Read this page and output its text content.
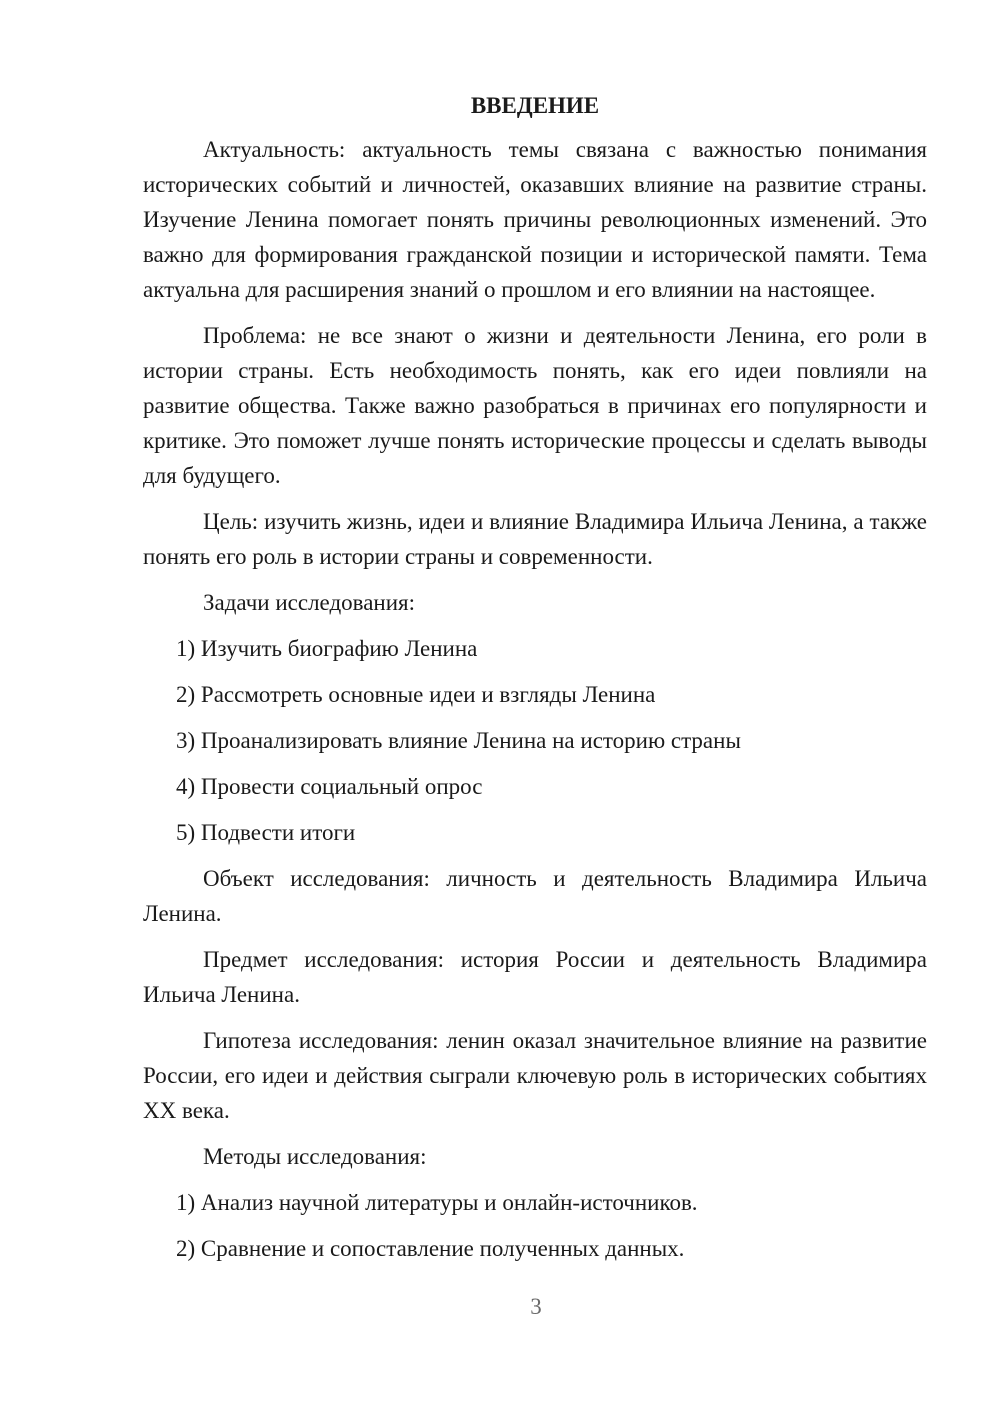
ВВЕДЕНИЕ

Актуальность: актуальность темы связана с важностью понимания исторических событий и личностей, оказавших влияние на развитие страны. Изучение Ленина помогает понять причины революционных изменений. Это важно для формирования гражданской позиции и исторической памяти. Тема актуальна для расширения знаний о прошлом и его влиянии на настоящее.

Проблема: не все знают о жизни и деятельности Ленина, его роли в истории страны. Есть необходимость понять, как его идеи повлияли на развитие общества. Также важно разобраться в причинах его популярности и критике. Это поможет лучше понять исторические процессы и сделать выводы для будущего.

Цель: изучить жизнь, идеи и влияние Владимира Ильича Ленина, а также понять его роль в истории страны и современности.

Задачи исследования:

1) Изучить биографию Ленина
2) Рассмотреть основные идеи и взгляды Ленина
3) Проанализировать влияние Ленина на историю страны
4) Провести социальный опрос
5) Подвести итоги

Объект исследования: личность и деятельность Владимира Ильича Ленина.

Предмет исследования: история России и деятельность Владимира Ильича Ленина.

Гипотеза исследования: ленин оказал значительное влияние на развитие России, его идеи и действия сыграли ключевую роль в исторических событиях XX века.

Методы исследования:

1) Анализ научной литературы и онлайн-источников.
2) Сравнение и сопоставление полученных данных.
3
